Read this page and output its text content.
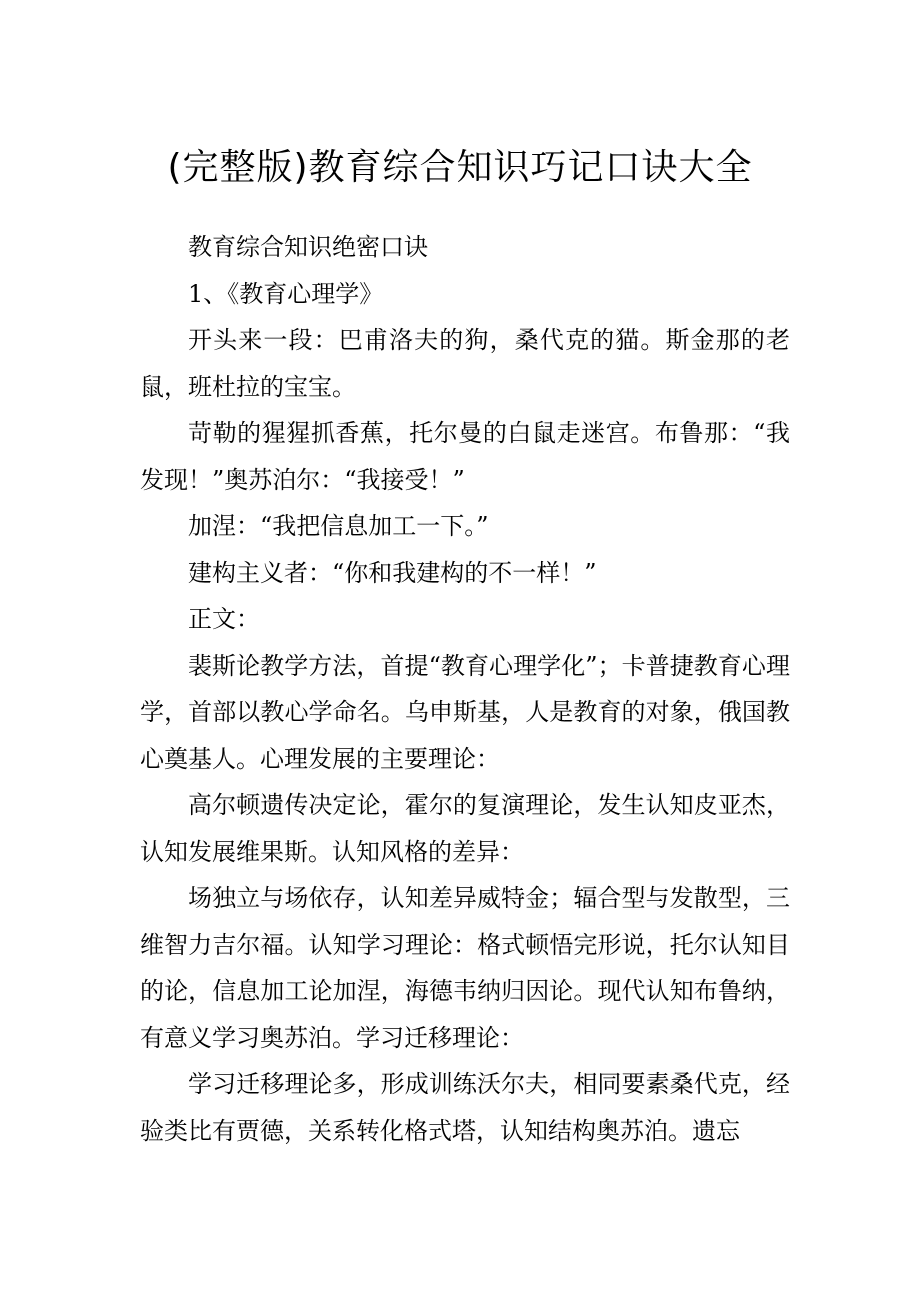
(完整版)教育综合知识巧记口诀大全

教育综合知识绝密口诀

1、《教育心理学》

开头来一段：巴甫洛夫的狗，桑代克的猫。斯金那的老鼠，班杜拉的宝宝。

苛勒的猩猩抓香蕉，托尔曼的白鼠走迷宫。布鲁那：“我发现！”奥苏泊尔：“我接受！”

加涅：“我把信息加工一下。”

建构主义者：“你和我建构的不一样！”

正文：

裴斯论教学方法，首提“教育心理学化”；卡普捷教育心理学，首部以教心学命名。乌申斯基，人是教育的对象，俄国教心奠基人。心理发展的主要理论：

高尔顿遗传决定论，霍尔的复演理论，发生认知皮亚杰，认知发展维果斯。认知风格的差异：

场独立与场依存，认知差异威特金；辐合型与发散型，三维智力吉尔福。认知学习理论：格式顿悟完形说，托尔认知目的论，信息加工论加涅，海德韦纳归因论。现代认知布鲁纳，有意义学习奥苏泊。学习迁移理论：

学习迁移理论多，形成训练沃尔夫，相同要素桑代克，经验类比有贾德，关系转化格式塔，认知结构奥苏泊。遗忘
